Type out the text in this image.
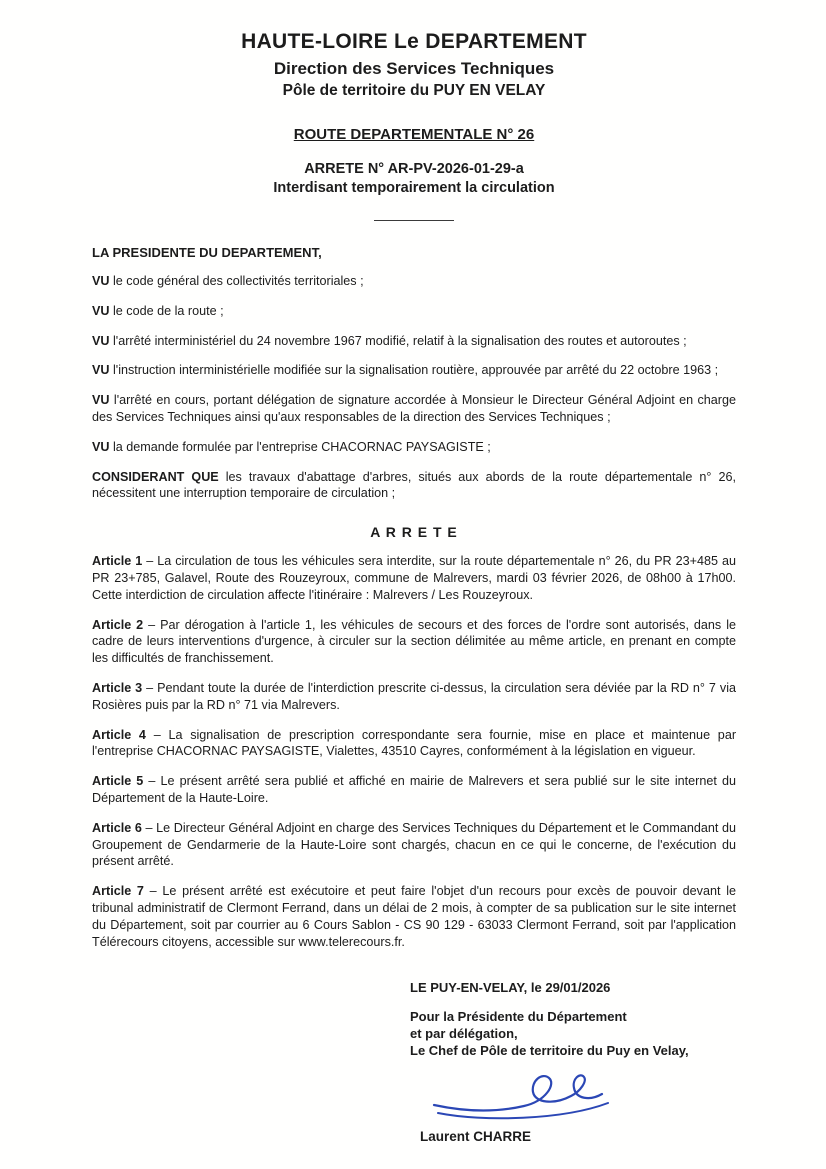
HAUTE-LOIRE Le DEPARTEMENT
Direction des Services Techniques
Pôle de territoire du PUY EN VELAY
ROUTE DEPARTEMENTALE N° 26
ARRETE N° AR-PV-2026-01-29-a
Interdisant temporairement la circulation
LA PRESIDENTE DU DEPARTEMENT,

VU le code général des collectivités territoriales ;

VU le code de la route ;

VU l'arrêté interministériel du 24 novembre 1967 modifié, relatif à la signalisation des routes et autoroutes ;

VU l'instruction interministérielle modifiée sur la signalisation routière, approuvée par arrêté du 22 octobre 1963 ;

VU l'arrêté en cours, portant délégation de signature accordée à Monsieur le Directeur Général Adjoint en charge des Services Techniques ainsi qu'aux responsables de la direction des Services Techniques ;

VU la demande formulée par l'entreprise CHACORNAC PAYSAGISTE ;

CONSIDERANT QUE les travaux d'abattage d'arbres, situés aux abords de la route départementale n° 26, nécessitent une interruption temporaire de circulation ;

A R R E T E

Article 1 – La circulation de tous les véhicules sera interdite, sur la route départementale n° 26, du PR 23+485 au PR 23+785, Galavel, Route des Rouzeyroux, commune de Malrevers, mardi 03 février 2026, de 08h00 à 17h00. Cette interdiction de circulation affecte l'itinéraire : Malrevers / Les Rouzeyroux.

Article 2 – Par dérogation à l'article 1, les véhicules de secours et des forces de l'ordre sont autorisés, dans le cadre de leurs interventions d'urgence, à circuler sur la section délimitée au même article, en prenant en compte les difficultés de franchissement.

Article 3 – Pendant toute la durée de l'interdiction prescrite ci-dessus, la circulation sera déviée par la RD n° 7 via Rosières puis par la RD n° 71 via Malrevers.

Article 4 – La signalisation de prescription correspondante sera fournie, mise en place et maintenue par l'entreprise CHACORNAC PAYSAGISTE, Vialettes, 43510 Cayres, conformément à la législation en vigueur.

Article 5 – Le présent arrêté sera publié et affiché en mairie de Malrevers et sera publié sur le site internet du Département de la Haute-Loire.

Article 6 – Le Directeur Général Adjoint en charge des Services Techniques du Département et le Commandant du Groupement de Gendarmerie de la Haute-Loire sont chargés, chacun en ce qui le concerne, de l'exécution du présent arrêté.

Article 7 – Le présent arrêté est exécutoire et peut faire l'objet d'un recours pour excès de pouvoir devant le tribunal administratif de Clermont Ferrand, dans un délai de 2 mois, à compter de sa publication sur le site internet du Département, soit par courrier au 6 Cours Sablon - CS 90 129 - 63033 Clermont Ferrand, soit par l'application Télérecours citoyens, accessible sur www.telerecours.fr.

LE PUY-EN-VELAY, le 29/01/2026
Pour la Présidente du Département
et par délégation,
Le Chef de Pôle de territoire du Puy en Velay,
Laurent CHARRE
